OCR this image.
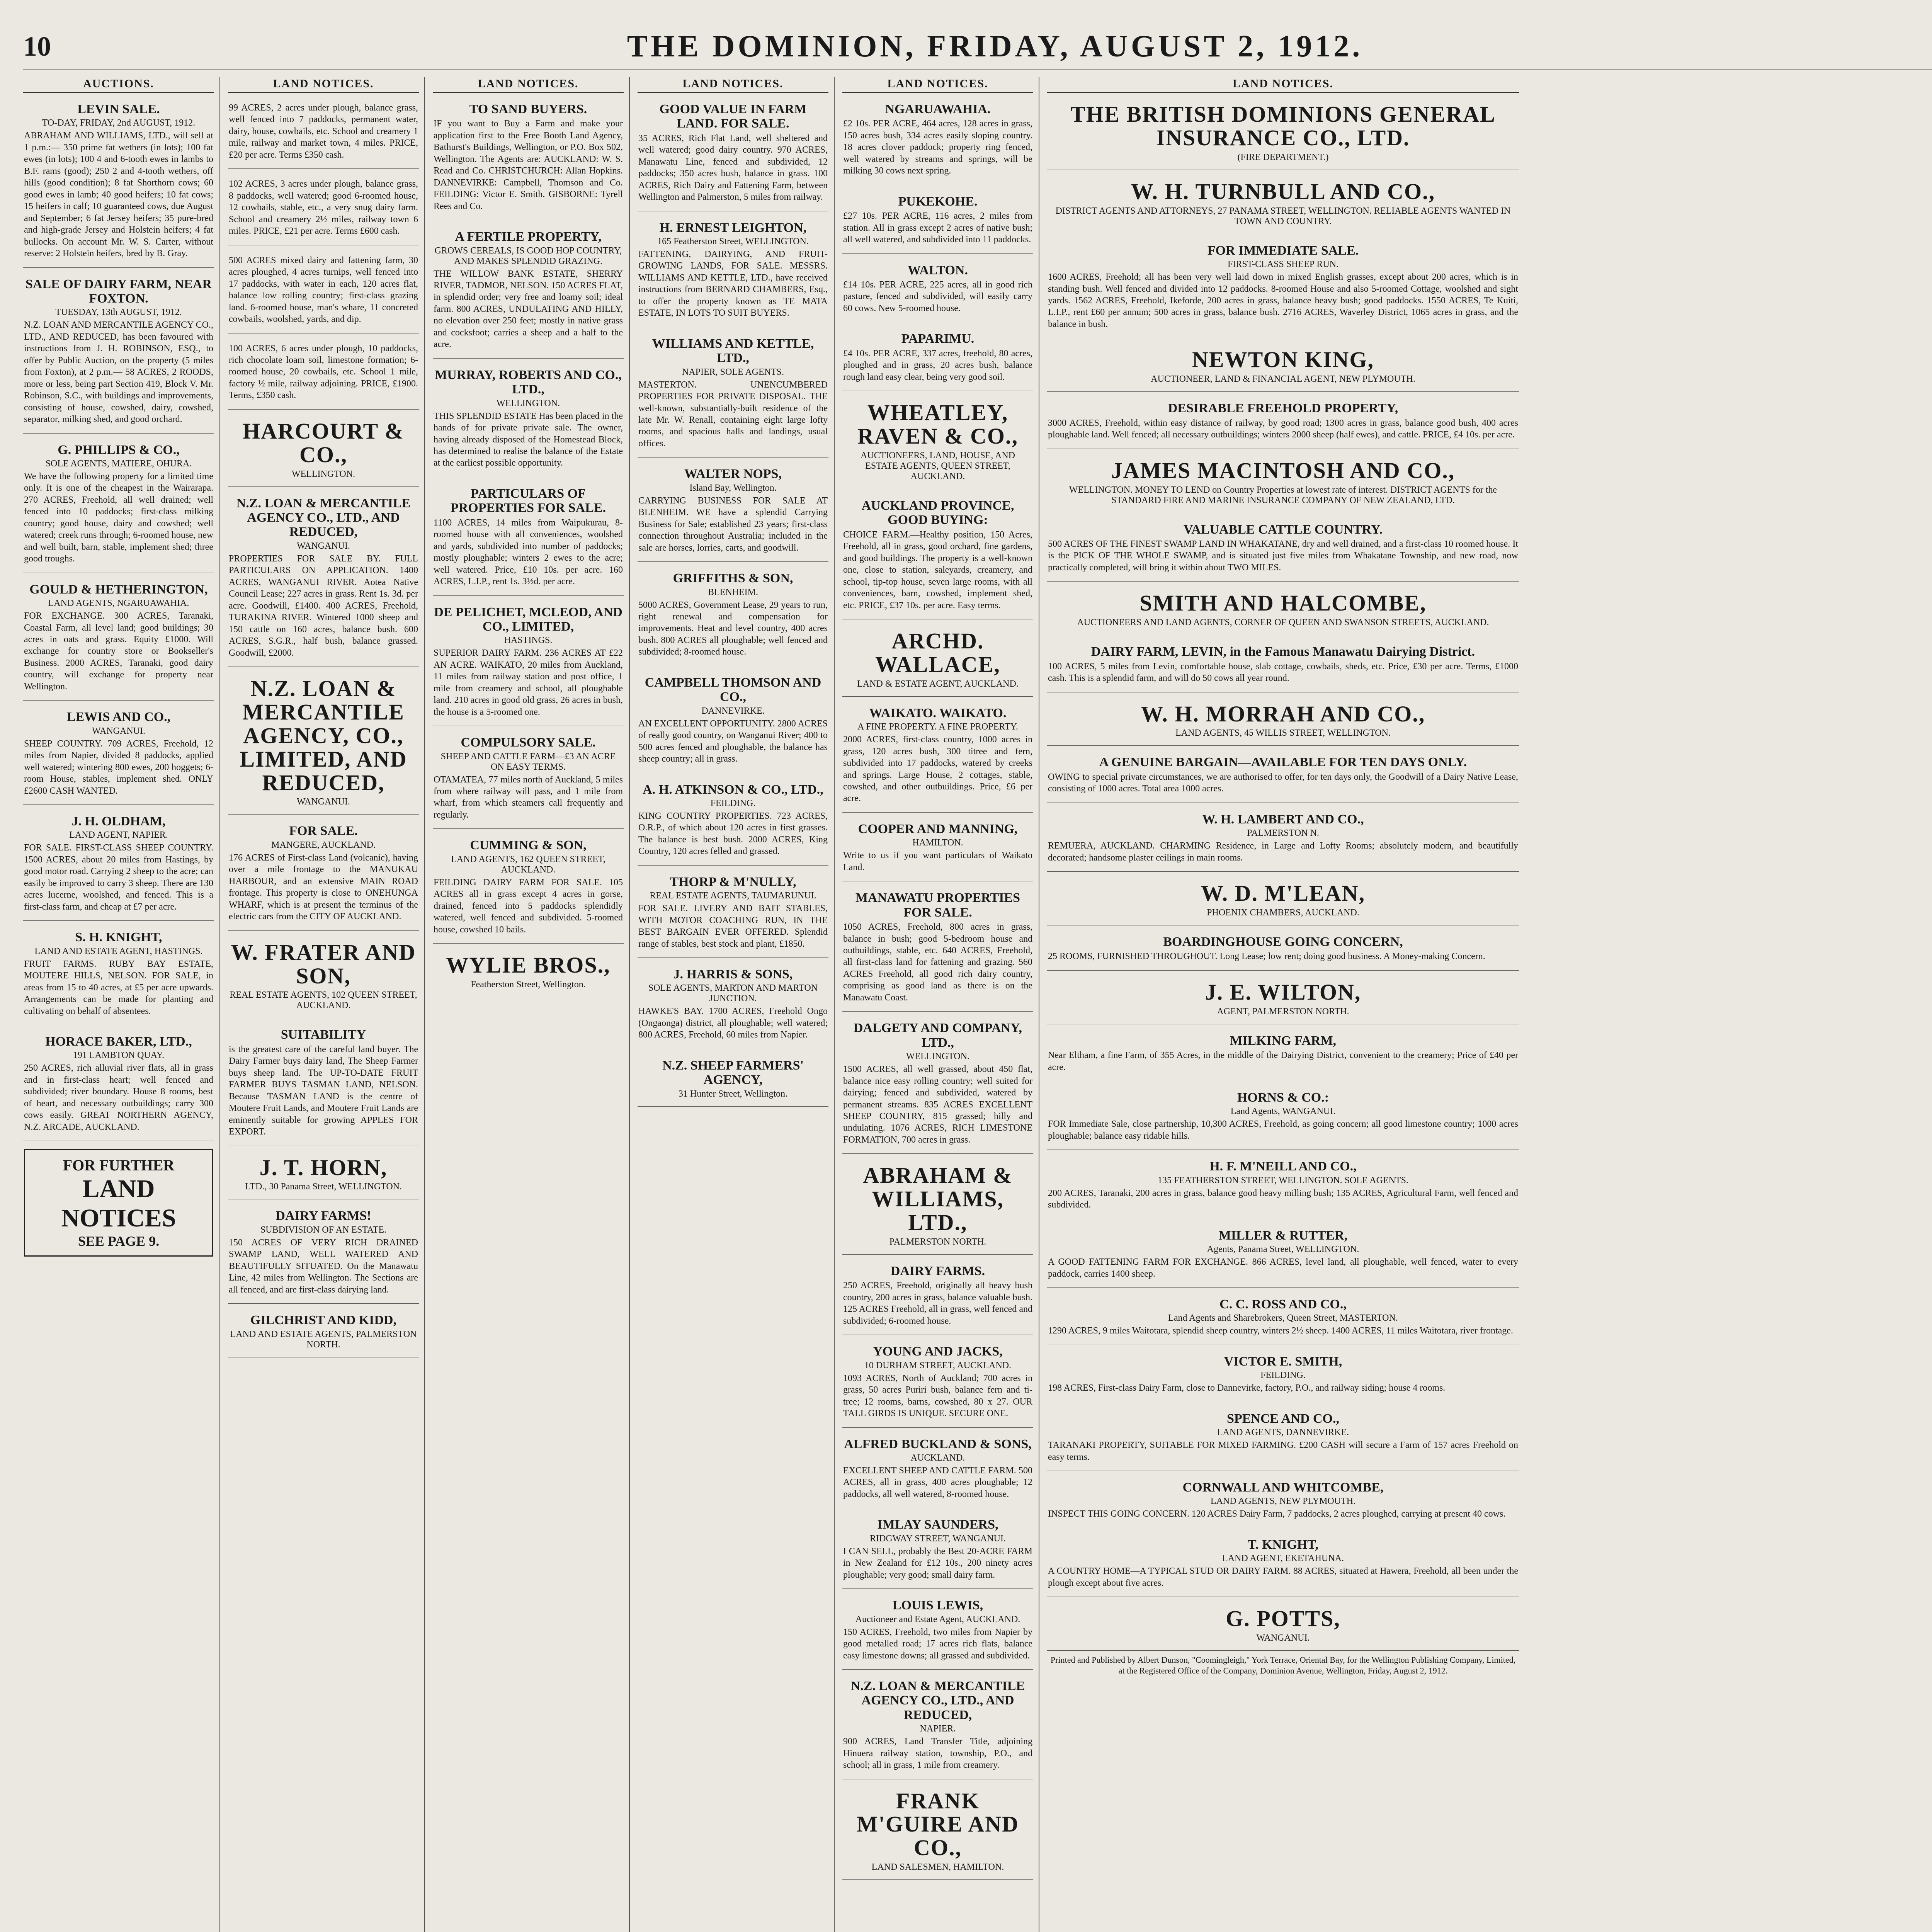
10	THE DOMINION, FRIDAY, AUGUST 2, 1912.
AUCTIONS.
LEVIN SALE.
TO-DAY, FRIDAY, 2nd AUGUST, 1912.
ABRAHAM AND WILLIAMS, LTD., will sell at 1 p.m.:— 350 prime fat wethers (in lots); 100 fat ewes (in lots); 100 4 and 6-tooth ewes in lambs to B.F. rams (good); 250 2 and 4-tooth wethers, off hills (good condition); 8 fat Shorthorn cows; 60 good ewes in lamb; 40 good heifers; 10 fat cows; 15 heifers in calf; 10 guaranteed cows, due August and September; 6 fat Jersey heifers; 35 pure-bred and high-grade Jersey and Holstein heifers; 4 fat bullocks. On account Mr. W. S. Carter, without reserve: 2 Holstein heifers, bred by B. Gray.
SALE OF DAIRY FARM, NEAR FOXTON.
TUESDAY, 13th AUGUST, 1912.
N.Z. LOAN AND MERCANTILE AGENCY CO., LTD., AND REDUCED, has been favoured with instructions from J. H. ROBINSON, ESQ., to offer by Public Auction, on the property (5 miles from Foxton), at 2 p.m.— 58 ACRES, 2 ROODS, more or less, being part Section 419, Block V. Mr. Robinson, S.C., with buildings and improvements, consisting of house, cowshed, dairy, cowshed, separator, milking shed, and good orchard.
G. PHILLIPS & CO.,
SOLE AGENTS, MATIERE, OHURA.
We have the following property for a limited time only. It is one of the cheapest in the Wairarapa. 270 ACRES, Freehold, all well drained; well fenced into 10 paddocks; first-class milking country; good house, dairy and cowshed; well watered; creek runs through; 6-roomed house, new and well built, barn, stable, implement shed; three good troughs.
GOULD & HETHERINGTON,
LAND AGENTS, NGARUAWAHIA.
FOR EXCHANGE. 300 ACRES, Taranaki, Coastal Farm, all level land; good buildings; 30 acres in oats and grass. Equity £1000. Will exchange for country store or Bookseller's Business. 2000 ACRES, Taranaki, good dairy country, will exchange for property near Wellington.
LEWIS AND CO.,
WANGANUI.
SHEEP COUNTRY. 709 ACRES, Freehold, 12 miles from Napier, divided 8 paddocks, applied well watered; wintering 800 ewes, 200 hoggets; 6-room House, stables, implement shed. ONLY £2600 CASH WANTED.
J. H. OLDHAM,
LAND AGENT, NAPIER.
FOR SALE. FIRST-CLASS SHEEP COUNTRY. 1500 ACRES, about 20 miles from Hastings, by good motor road. Carrying 2 sheep to the acre; can easily be improved to carry 3 sheep. There are 130 acres lucerne, woolshed, and fenced. This is a first-class farm, and cheap at £7 per acre.
S. H. KNIGHT,
LAND AND ESTATE AGENT, HASTINGS.
FRUIT FARMS. RUBY BAY ESTATE, MOUTERE HILLS, NELSON. FOR SALE, in areas from 15 to 40 acres, at £5 per acre upwards. Arrangements can be made for planting and cultivating on behalf of absentees.
HORACE BAKER, LTD.,
191 LAMBTON QUAY.
250 ACRES, rich alluvial river flats, all in grass and in first-class heart; well fenced and subdivided; river boundary. House 8 rooms, best of heart, and necessary outbuildings; carry 300 cows easily. GREAT NORTHERN AGENCY, N.Z. ARCADE, AUCKLAND.
FOR FURTHER
LAND NOTICES
SEE PAGE 9.
LAND NOTICES.
99 ACRES, 2 acres under plough, balance grass, well fenced into 7 paddocks, permanent water, dairy, house, cowbails, etc. School and creamery 1 mile, railway and market town, 4 miles. PRICE, £20 per acre. Terms £350 cash.
102 ACRES, 3 acres under plough, balance grass, 8 paddocks, well watered; good 6-roomed house, 12 cowbails, stable, etc., a very snug dairy farm. School and creamery 2½ miles, railway town 6 miles. PRICE, £21 per acre. Terms £600 cash.
500 ACRES mixed dairy and fattening farm, 30 acres ploughed, 4 acres turnips, well fenced into 17 paddocks, with water in each, 120 acres flat, balance low rolling country; first-class grazing land. 6-roomed house, man's whare, 11 concreted cowbails, woolshed, yards, and dip.
100 ACRES, 6 acres under plough, 10 paddocks, rich chocolate loam soil, limestone formation; 6-roomed house, 20 cowbails, etc. School 1 mile, factory ½ mile, railway adjoining. PRICE, £1900. Terms, £350 cash.
HARCOURT & CO.,
WELLINGTON.
N.Z. LOAN & MERCANTILE AGENCY CO., LTD., AND REDUCED,
WANGANUI.
PROPERTIES FOR SALE BY. FULL PARTICULARS ON APPLICATION. 1400 ACRES, WANGANUI RIVER. Aotea Native Council Lease; 227 acres in grass. Rent 1s. 3d. per acre. Goodwill, £1400. 400 ACRES, Freehold, TURAKINA RIVER. Wintered 1000 sheep and 150 cattle on 160 acres, balance bush. 600 ACRES, S.G.R., half bush, balance grassed. Goodwill, £2000.
N.Z. LOAN & MERCANTILE AGENCY, CO., LIMITED, AND REDUCED,
WANGANUI.
FOR SALE.
MANGERE, AUCKLAND.
176 ACRES of First-class Land (volcanic), having over a mile frontage to the MANUKAU HARBOUR, and an extensive MAIN ROAD frontage. This property is close to ONEHUNGA WHARF, which is at present the terminus of the electric cars from the CITY OF AUCKLAND.
W. FRATER AND SON,
REAL ESTATE AGENTS, 102 QUEEN STREET, AUCKLAND.
SUITABILITY
is the greatest care of the careful land buyer. The Dairy Farmer buys dairy land, The Sheep Farmer buys sheep land. The UP-TO-DATE FRUIT FARMER BUYS TASMAN LAND, NELSON. Because TASMAN LAND is the centre of Moutere Fruit Lands, and Moutere Fruit Lands are eminently suitable for growing APPLES FOR EXPORT.
J. T. HORN,
LTD., 30 Panama Street, WELLINGTON.
DAIRY FARMS!
SUBDIVISION OF AN ESTATE.
150 ACRES OF VERY RICH DRAINED SWAMP LAND, WELL WATERED AND BEAUTIFULLY SITUATED. On the Manawatu Line, 42 miles from Wellington. The Sections are all fenced, and are first-class dairying land.
GILCHRIST AND KIDD,
LAND AND ESTATE AGENTS, PALMERSTON NORTH.
LAND NOTICES.
TO SAND BUYERS.
IF you want to Buy a Farm and make your application first to the Free Booth Land Agency, Bathurst's Buildings, Wellington, or P.O. Box 502, Wellington. The Agents are: AUCKLAND: W. S. Read and Co. CHRISTCHURCH: Allan Hopkins. DANNEVIRKE: Campbell, Thomson and Co. FEILDING: Victor E. Smith. GISBORNE: Tyrell Rees and Co.
A FERTILE PROPERTY,
GROWS CEREALS, IS GOOD HOP COUNTRY, AND MAKES SPLENDID GRAZING.
THE WILLOW BANK ESTATE, SHERRY RIVER, TADMOR, NELSON. 150 ACRES FLAT, in splendid order; very free and loamy soil; ideal farm. 800 ACRES, UNDULATING AND HILLY, no elevation over 250 feet; mostly in native grass and cocksfoot; carries a sheep and a half to the acre.
MURRAY, ROBERTS AND CO., LTD.,
WELLINGTON.
THIS SPLENDID ESTATE Has been placed in the hands of for private private sale. The owner, having already disposed of the Homestead Block, has determined to realise the balance of the Estate at the earliest possible opportunity.
PARTICULARS OF PROPERTIES FOR SALE.
1100 ACRES, 14 miles from Waipukurau, 8-roomed house with all conveniences, woolshed and yards, subdivided into number of paddocks; mostly ploughable; winters 2 ewes to the acre; well watered. Price, £10 10s. per acre. 160 ACRES, L.I.P., rent 1s. 3½d. per acre.
DE PELICHET, MCLEOD, AND CO., LIMITED,
HASTINGS.
SUPERIOR DAIRY FARM. 236 ACRES AT £22 AN ACRE. WAIKATO, 20 miles from Auckland, 11 miles from railway station and post office, 1 mile from creamery and school, all ploughable land. 210 acres in good old grass, 26 acres in bush, the house is a 5-roomed one.
COMPULSORY SALE.
SHEEP AND CATTLE FARM—£3 AN ACRE ON EASY TERMS.
OTAMATEA, 77 miles north of Auckland, 5 miles from where railway will pass, and 1 mile from wharf, from which steamers call frequently and regularly.
CUMMING & SON,
LAND AGENTS, 162 QUEEN STREET, AUCKLAND.
FEILDING DAIRY FARM FOR SALE. 105 ACRES all in grass except 4 acres in gorse, drained, fenced into 5 paddocks splendidly watered, well fenced and subdivided. 5-roomed house, cowshed 10 bails.
WYLIE BROS.,
Featherston Street, Wellington.
LAND NOTICES.
GOOD VALUE IN FARM LAND. FOR SALE.
35 ACRES, Rich Flat Land, well sheltered and well watered; good dairy country. 970 ACRES, Manawatu Line, fenced and subdivided, 12 paddocks; 350 acres bush, balance in grass. 100 ACRES, Rich Dairy and Fattening Farm, between Wellington and Palmerston, 5 miles from railway.
H. ERNEST LEIGHTON,
165 Featherston Street, WELLINGTON.
FATTENING, DAIRYING, AND FRUIT-GROWING LANDS, FOR SALE. MESSRS. WILLIAMS AND KETTLE, LTD., have received instructions from BERNARD CHAMBERS, Esq., to offer the property known as TE MATA ESTATE, IN LOTS TO SUIT BUYERS.
WILLIAMS AND KETTLE, LTD.,
NAPIER, SOLE AGENTS.
MASTERTON. UNENCUMBERED PROPERTIES FOR PRIVATE DISPOSAL. THE well-known, substantially-built residence of the late Mr. W. Renall, containing eight large lofty rooms, and spacious halls and landings, usual offices.
WALTER NOPS,
Island Bay, Wellington.
CARRYING BUSINESS FOR SALE AT BLENHEIM. WE have a splendid Carrying Business for Sale; established 23 years; first-class connection throughout Australia; included in the sale are horses, lorries, carts, and goodwill.
GRIFFITHS & SON,
BLENHEIM.
5000 ACRES, Government Lease, 29 years to run, right renewal and compensation for improvements. Heat and level country, 400 acres bush. 800 ACRES all ploughable; well fenced and subdivided; 8-roomed house.
CAMPBELL THOMSON AND CO.,
DANNEVIRKE.
AN EXCELLENT OPPORTUNITY. 2800 ACRES of really good country, on Wanganui River; 400 to 500 acres fenced and ploughable, the balance has sheep country; all in grass.
A. H. ATKINSON & CO., LTD.,
FEILDING.
KING COUNTRY PROPERTIES. 723 ACRES, O.R.P., of which about 120 acres in first grasses. The balance is best bush. 2000 ACRES, King Country, 120 acres felled and grassed.
THORP & M'NULLY,
REAL ESTATE AGENTS, TAUMARUNUI.
FOR SALE. LIVERY AND BAIT STABLES, WITH MOTOR COACHING RUN, IN THE BEST BARGAIN EVER OFFERED. Splendid range of stables, best stock and plant, £1850.
J. HARRIS & SONS,
SOLE AGENTS, MARTON AND MARTON JUNCTION.
HAWKE'S BAY. 1700 ACRES, Freehold Ongo (Ongaonga) district, all ploughable; well watered; 800 ACRES, Freehold, 60 miles from Napier.
N.Z. SHEEP FARMERS' AGENCY,
31 Hunter Street, Wellington.
LAND NOTICES.
NGARUAWAHIA.
£2 10s. PER ACRE, 464 acres, 128 acres in grass, 150 acres bush, 334 acres easily sloping country. 18 acres clover paddock; property ring fenced, well watered by streams and springs, will be milking 30 cows next spring.
PUKEKOHE.
£27 10s. PER ACRE, 116 acres, 2 miles from station. All in grass except 2 acres of native bush; all well watered, and subdivided into 11 paddocks.
WALTON.
£14 10s. PER ACRE, 225 acres, all in good rich pasture, fenced and subdivided, will easily carry 60 cows. New 5-roomed house.
PAPARIMU.
£4 10s. PER ACRE, 337 acres, freehold, 80 acres, ploughed and in grass, 20 acres bush, balance rough land easy clear, being very good soil.
WHEATLEY, RAVEN & CO.,
AUCTIONEERS, LAND, HOUSE, AND ESTATE AGENTS, QUEEN STREET, AUCKLAND.
AUCKLAND PROVINCE, GOOD BUYING:
CHOICE FARM.—Healthy position, 150 Acres, Freehold, all in grass, good orchard, fine gardens, and good buildings. The property is a well-known one, close to station, saleyards, creamery, and school, tip-top house, seven large rooms, with all conveniences, barn, cowshed, implement shed, etc. PRICE, £37 10s. per acre. Easy terms.
ARCHD. WALLACE,
LAND & ESTATE AGENT, AUCKLAND.
WAIKATO. WAIKATO.
A FINE PROPERTY. A FINE PROPERTY.
2000 ACRES, first-class country, 1000 acres in grass, 120 acres bush, 300 titree and fern, subdivided into 17 paddocks, watered by creeks and springs. Large House, 2 cottages, stable, cowshed, and other outbuildings. Price, £6 per acre.
COOPER AND MANNING,
HAMILTON.
Write to us if you want particulars of Waikato Land.
MANAWATU PROPERTIES FOR SALE.
1050 ACRES, Freehold, 800 acres in grass, balance in bush; good 5-bedroom house and outbuildings, stable, etc. 640 ACRES, Freehold, all first-class land for fattening and grazing. 560 ACRES Freehold, all good rich dairy country, comprising as good land as there is on the Manawatu Coast.
DALGETY AND COMPANY, LTD.,
WELLINGTON.
1500 ACRES, all well grassed, about 450 flat, balance nice easy rolling country; well suited for dairying; fenced and subdivided, watered by permanent streams. 835 ACRES EXCELLENT SHEEP COUNTRY, 815 grassed; hilly and undulating. 1076 ACRES, RICH LIMESTONE FORMATION, 700 acres in grass.
ABRAHAM & WILLIAMS, LTD.,
PALMERSTON NORTH.
DAIRY FARMS.
250 ACRES, Freehold, originally all heavy bush country, 200 acres in grass, balance valuable bush. 125 ACRES Freehold, all in grass, well fenced and subdivided; 6-roomed house.
YOUNG AND JACKS,
10 DURHAM STREET, AUCKLAND.
1093 ACRES, North of Auckland; 700 acres in grass, 50 acres Puriri bush, balance fern and ti-tree; 12 rooms, barns, cowshed, 80 x 27. OUR TALL GIRDS IS UNIQUE. SECURE ONE.
ALFRED BUCKLAND & SONS,
AUCKLAND.
EXCELLENT SHEEP AND CATTLE FARM. 500 ACRES, all in grass, 400 acres ploughable; 12 paddocks, all well watered, 8-roomed house.
IMLAY SAUNDERS,
RIDGWAY STREET, WANGANUI.
I CAN SELL, probably the Best 20-ACRE FARM in New Zealand for £12 10s., 200 ninety acres ploughable; very good; small dairy farm.
LOUIS LEWIS,
Auctioneer and Estate Agent, AUCKLAND.
150 ACRES, Freehold, two miles from Napier by good metalled road; 17 acres rich flats, balance easy limestone downs; all grassed and subdivided.
N.Z. LOAN & MERCANTILE AGENCY CO., LTD., AND REDUCED,
NAPIER.
900 ACRES, Land Transfer Title, adjoining Hinuera railway station, township, P.O., and school; all in grass, 1 mile from creamery.
FRANK M'GUIRE AND CO.,
LAND SALESMEN, HAMILTON.
LAND NOTICES.
THE BRITISH DOMINIONS GENERAL INSURANCE CO., LTD.
(FIRE DEPARTMENT.)
W. H. TURNBULL AND CO.,
DISTRICT AGENTS AND ATTORNEYS, 27 PANAMA STREET, WELLINGTON. RELIABLE AGENTS WANTED IN TOWN AND COUNTRY.
FOR IMMEDIATE SALE.
FIRST-CLASS SHEEP RUN.
1600 ACRES, Freehold; all has been very well laid down in mixed English grasses, except about 200 acres, which is in standing bush. Well fenced and divided into 12 paddocks. 8-roomed House and also 5-roomed Cottage, woolshed and sight yards. 1562 ACRES, Freehold, Ikeforde, 200 acres in grass, balance heavy bush; good paddocks. 1550 ACRES, Te Kuiti, L.I.P., rent £60 per annum; 500 acres in grass, balance bush. 2716 ACRES, Waverley District, 1065 acres in grass, and the balance in bush.
NEWTON KING,
AUCTIONEER, LAND & FINANCIAL AGENT, NEW PLYMOUTH.
DESIRABLE FREEHOLD PROPERTY,
3000 ACRES, Freehold, within easy distance of railway, by good road; 1300 acres in grass, balance good bush, 400 acres ploughable land. Well fenced; all necessary outbuildings; winters 2000 sheep (half ewes), and cattle. PRICE, £4 10s. per acre.
JAMES MACINTOSH AND CO.,
WELLINGTON. MONEY TO LEND on Country Properties at lowest rate of interest. DISTRICT AGENTS for the STANDARD FIRE AND MARINE INSURANCE COMPANY OF NEW ZEALAND, LTD.
VALUABLE CATTLE COUNTRY.
500 ACRES OF THE FINEST SWAMP LAND IN WHAKATANE, dry and well drained, and a first-class 10 roomed house. It is the PICK OF THE WHOLE SWAMP, and is situated just five miles from Whakatane Township, and new road, now practically completed, will bring it within about TWO MILES.
SMITH AND HALCOMBE,
AUCTIONEERS AND LAND AGENTS, CORNER OF QUEEN AND SWANSON STREETS, AUCKLAND.
DAIRY FARM, LEVIN, in the Famous Manawatu Dairying District.
100 ACRES, 5 miles from Levin, comfortable house, slab cottage, cowbails, sheds, etc. Price, £30 per acre. Terms, £1000 cash. This is a splendid farm, and will do 50 cows all year round.
W. H. MORRAH AND CO.,
LAND AGENTS, 45 WILLIS STREET, WELLINGTON.
A GENUINE BARGAIN—AVAILABLE FOR TEN DAYS ONLY.
OWING to special private circumstances, we are authorised to offer, for ten days only, the Goodwill of a Dairy Native Lease, consisting of 1000 acres. Total area 1000 acres.
W. H. LAMBERT AND CO.,
PALMERSTON N.
REMUERA, AUCKLAND. CHARMING Residence, in Large and Lofty Rooms; absolutely modern, and beautifully decorated; handsome plaster ceilings in main rooms.
W. D. M'LEAN,
PHOENIX CHAMBERS, AUCKLAND.
BOARDINGHOUSE GOING CONCERN,
25 ROOMS, FURNISHED THROUGHOUT. Long Lease; low rent; doing good business. A Money-making Concern.
J. E. WILTON,
AGENT, PALMERSTON NORTH.
MILKING FARM,
Near Eltham, a fine Farm, of 355 Acres, in the middle of the Dairying District, convenient to the creamery; Price of £40 per acre.
HORNS & CO.:
Land Agents, WANGANUI.
FOR Immediate Sale, close partnership, 10,300 ACRES, Freehold, as going concern; all good limestone country; 1000 acres ploughable; balance easy ridable hills.
H. F. M'NEILL AND CO.,
135 FEATHERSTON STREET, WELLINGTON. SOLE AGENTS.
200 ACRES, Taranaki, 200 acres in grass, balance good heavy milling bush; 135 ACRES, Agricultural Farm, well fenced and subdivided.
MILLER & RUTTER,
Agents, Panama Street, WELLINGTON.
A GOOD FATTENING FARM FOR EXCHANGE. 866 ACRES, level land, all ploughable, well fenced, water to every paddock, carries 1400 sheep.
C. C. ROSS AND CO.,
Land Agents and Sharebrokers, Queen Street, MASTERTON.
1290 ACRES, 9 miles Waitotara, splendid sheep country, winters 2½ sheep. 1400 ACRES, 11 miles Waitotara, river frontage.
VICTOR E. SMITH,
FEILDING.
198 ACRES, First-class Dairy Farm, close to Dannevirke, factory, P.O., and railway siding; house 4 rooms.
SPENCE AND CO.,
LAND AGENTS, DANNEVIRKE.
TARANAKI PROPERTY, SUITABLE FOR MIXED FARMING. £200 CASH will secure a Farm of 157 acres Freehold on easy terms.
CORNWALL AND WHITCOMBE,
LAND AGENTS, NEW PLYMOUTH.
INSPECT THIS GOING CONCERN. 120 ACRES Dairy Farm, 7 paddocks, 2 acres ploughed, carrying at present 40 cows.
T. KNIGHT,
LAND AGENT, EKETAHUNA.
A COUNTRY HOME—A TYPICAL STUD OR DAIRY FARM. 88 ACRES, situated at Hawera, Freehold, all been under the plough except about five acres.
G. POTTS,
WANGANUI.
Printed and Published by Albert Dunson, "Coomingleigh," York Terrace, Oriental Bay, for the Wellington Publishing Company, Limited, at the Registered Office of the Company, Dominion Avenue, Wellington, Friday, August 2, 1912.
